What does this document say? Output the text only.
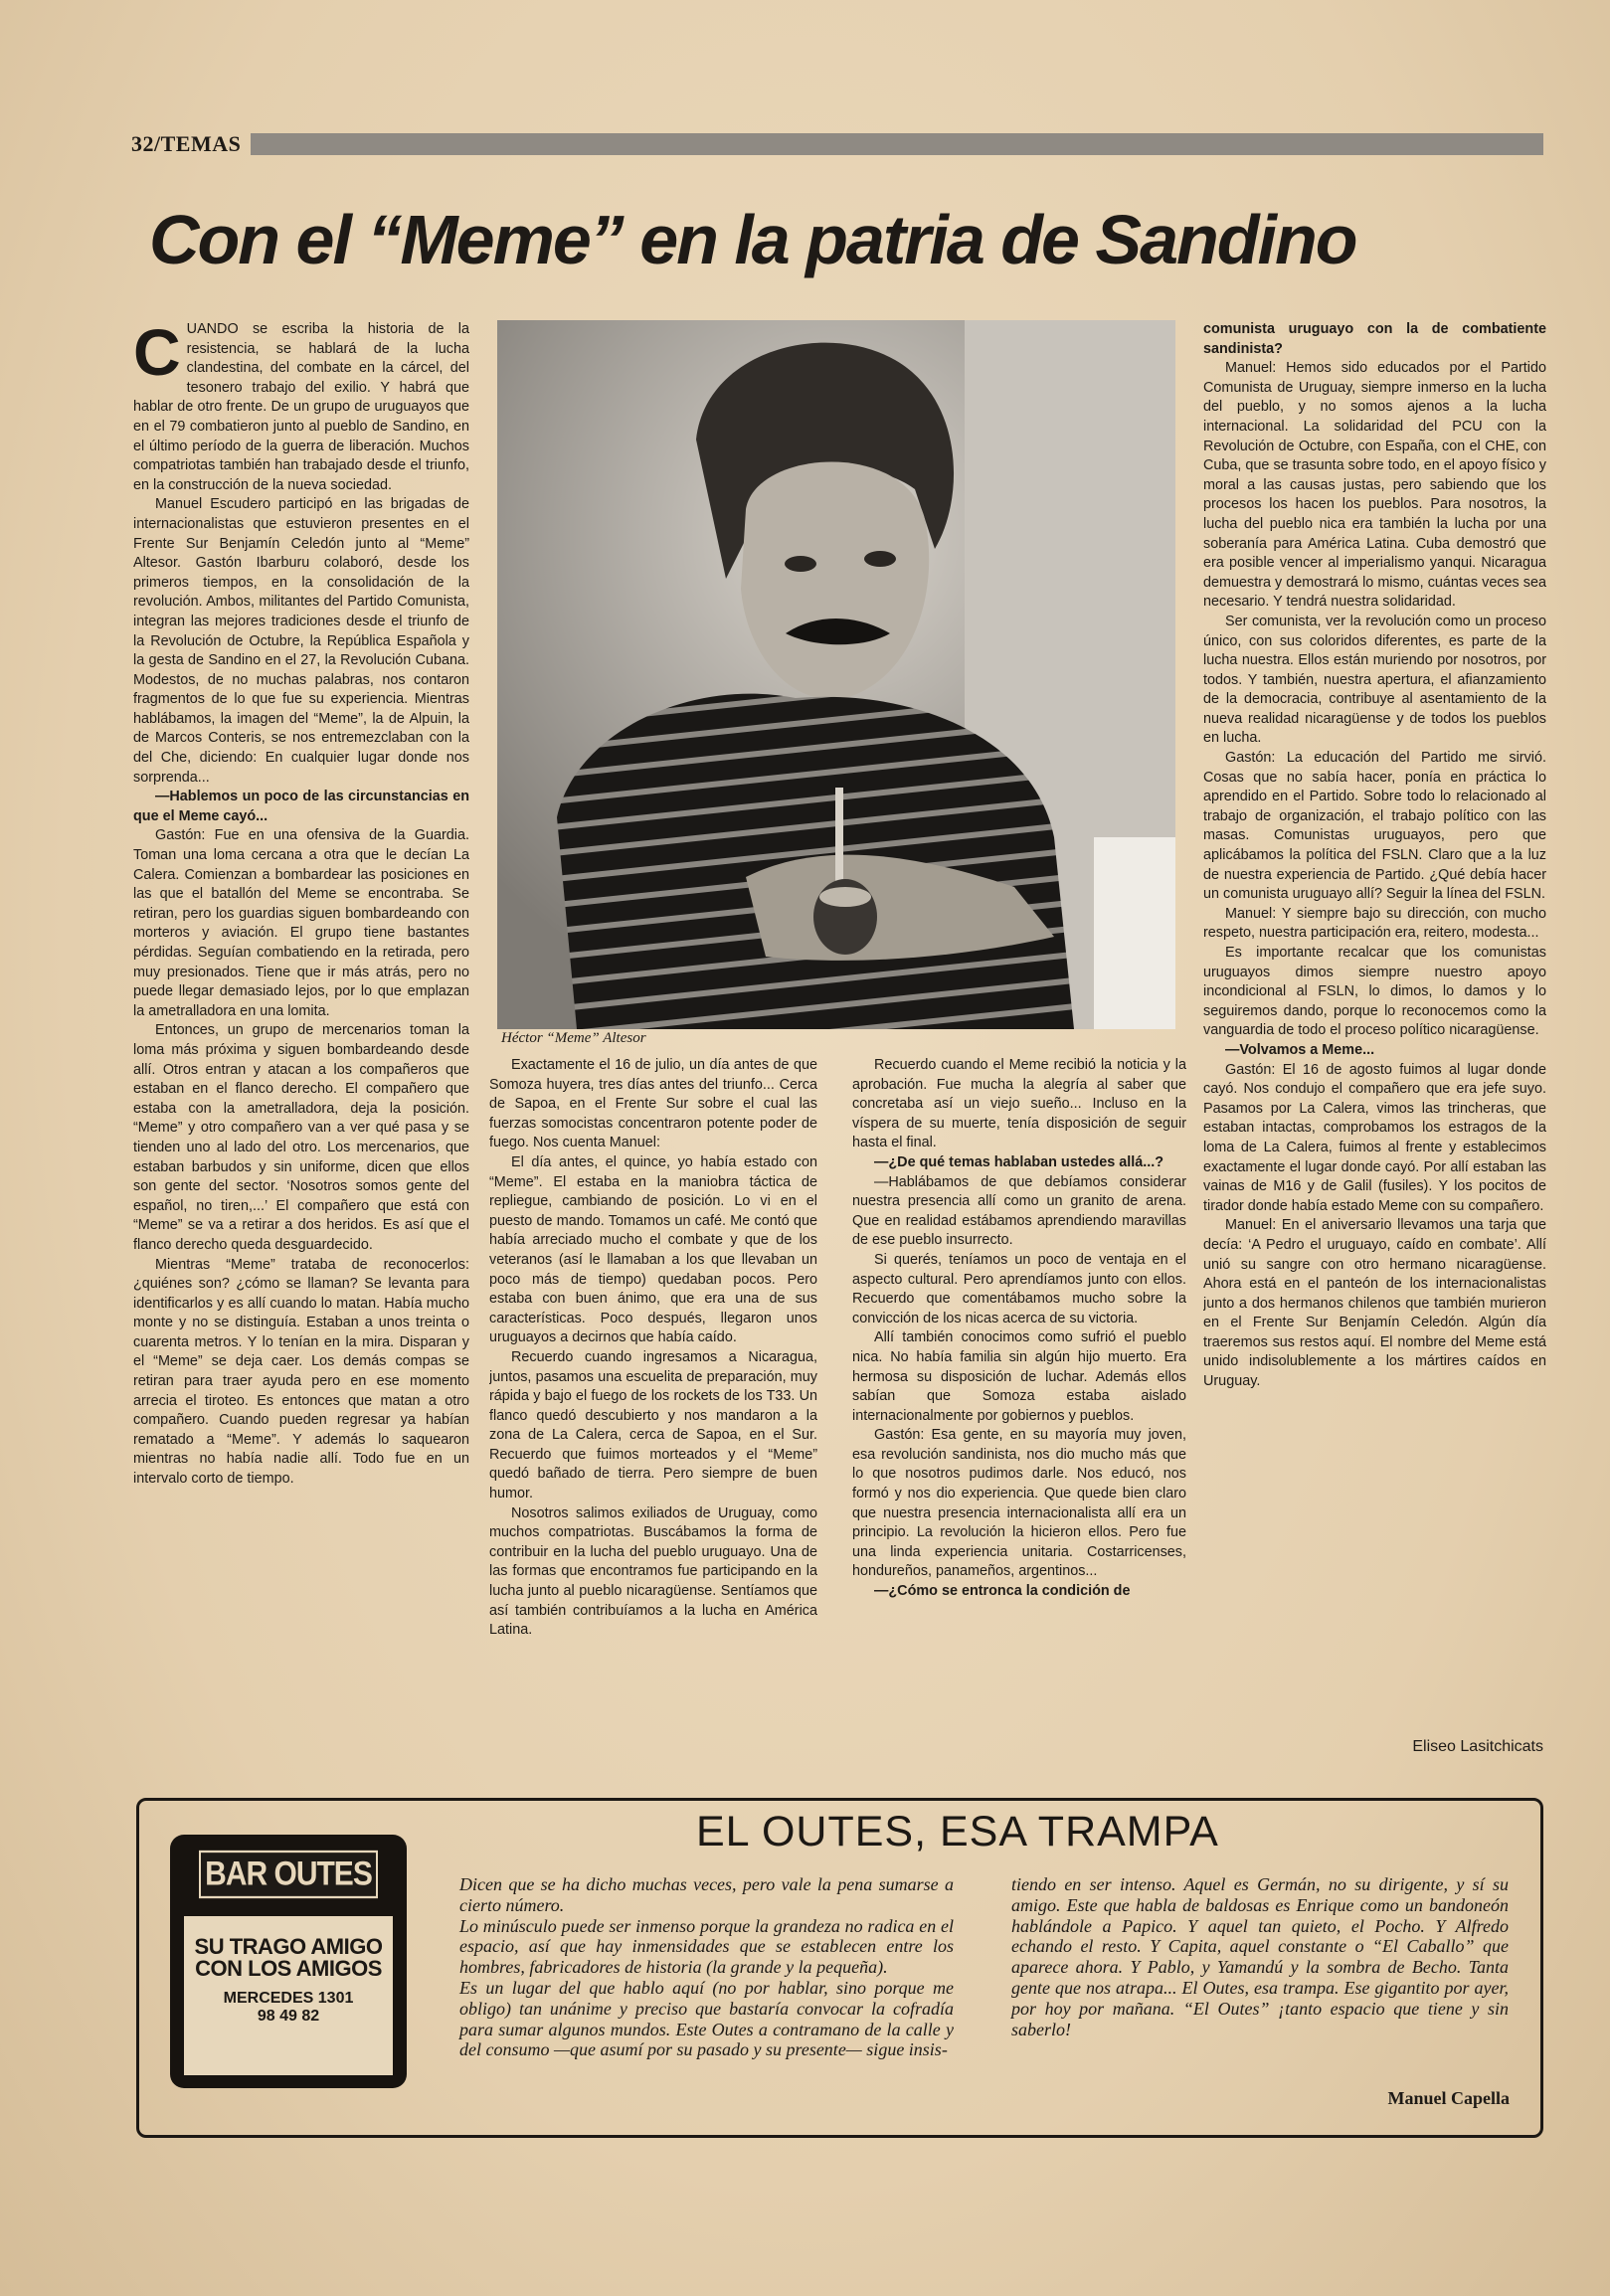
32/TEMAS
Con el “Meme” en la patria de Sandino

CUANDO se escriba la historia de la resistencia, se hablará de la lucha clandestina, del combate en la cárcel, del tesonero trabajo del exilio. Y habrá que hablar de otro frente. De un grupo de uruguayos que en el 79 combatieron junto al pueblo de Sandino, en el último período de la guerra de liberación. Muchos compatriotas también han trabajado desde el triunfo, en la construcción de la nueva sociedad.

Manuel Escudero participó en las brigadas de internacionalistas que estuvieron presentes en el Frente Sur Benjamín Celedón junto al “Meme” Altesor. Gastón Ibarburu colaboró, desde los primeros tiempos, en la consolidación de la revolución. Ambos, militantes del Partido Comunista, integran las mejores tradiciones desde el triunfo de la Revolución de Octubre, la República Española y la gesta de Sandino en el 27, la Revolución Cubana. Modestos, de no muchas palabras, nos contaron fragmentos de lo que fue su experiencia. Mientras hablábamos, la imagen del “Meme”, la de Alpuin, la de Marcos Conteris, se nos entremezclaban con la del Che, diciendo: En cualquier lugar donde nos sorprenda...

—Hablemos un poco de las circunstancias en que el Meme cayó...

Gastón: Fue en una ofensiva de la Guardia. Toman una loma cercana a otra que le decían La Calera. Comienzan a bombardear las posiciones en las que el batallón del Meme se encontraba. Se retiran, pero los guardias siguen bombardeando con morteros y aviación. El grupo tiene bastantes pérdidas. Seguían combatiendo en la retirada, pero muy presionados. Tiene que ir más atrás, pero no puede llegar demasiado lejos, por lo que emplazan la ametralladora en una lomita.

Entonces, un grupo de mercenarios toman la loma más próxima y siguen bombardeando desde allí. Otros entran y atacan a los compañeros que estaban en el flanco derecho. El compañero que estaba con la ametralladora, deja la posición. “Meme” y otro compañero van a ver qué pasa y se tienden uno al lado del otro. Los mercenarios, que estaban barbudos y sin uniforme, dicen que ellos son gente del sector. ‘Nosotros somos gente del español, no tiren,...’ El compañero que está con “Meme” se va a retirar a dos heridos. Es así que el flanco derecho queda desguardecido.

Mientras “Meme” trataba de reconocerlos: ¿quiénes son? ¿cómo se llaman? Se levanta para identificarlos y es allí cuando lo matan. Había mucho monte y no se distinguía. Estaban a unos treinta o cuarenta metros. Y lo tenían en la mira. Disparan y el “Meme” se deja caer. Los demás compas se retiran para traer ayuda pero en ese momento arrecia el tiroteo. Es entonces que matan a otro compañero. Cuando pueden regresar ya habían rematado a “Meme”. Y además lo saquearon mientras no había nadie allí. Todo fue en un intervalo corto de tiempo.

Héctor “Meme” Altesor

Exactamente el 16 de julio, un día antes de que Somoza huyera, tres días antes del triunfo... Cerca de Sapoa, en el Frente Sur sobre el cual las fuerzas somocistas concentraron potente poder de fuego. Nos cuenta Manuel:

El día antes, el quince, yo había estado con “Meme”. El estaba en la maniobra táctica de repliegue, cambiando de posición. Lo vi en el puesto de mando. Tomamos un café. Me contó que había arreciado mucho el combate y que de los veteranos (así le llamaban a los que llevaban un poco más de tiempo) quedaban pocos. Pero estaba con buen ánimo, que era una de sus características. Poco después, llegaron unos uruguayos a decirnos que había caído.

Recuerdo cuando ingresamos a Nicaragua, juntos, pasamos una escuelita de preparación, muy rápida y bajo el fuego de los rockets de los T33. Un flanco quedó descubierto y nos mandaron a la zona de La Calera, cerca de Sapoa, en el Sur. Recuerdo que fuimos morteados y el “Meme” quedó bañado de tierra. Pero siempre de buen humor.

Nosotros salimos exiliados de Uruguay, como muchos compatriotas. Buscábamos la forma de contribuir en la lucha del pueblo uruguayo. Una de las formas que encontramos fue participando en la lucha junto al pueblo nicaragüense. Sentíamos que así también contribuíamos a la lucha en América Latina.

Recuerdo cuando el Meme recibió la noticia y la aprobación. Fue mucha la alegría al saber que concretaba así un viejo sueño... Incluso en la víspera de su muerte, tenía disposición de seguir hasta el final.

—¿De qué temas hablaban ustedes allá...?

—Hablábamos de que debíamos considerar nuestra presencia allí como un granito de arena. Que en realidad estábamos aprendiendo maravillas de ese pueblo insurrecto.

Si querés, teníamos un poco de ventaja en el aspecto cultural. Pero aprendíamos junto con ellos. Recuerdo que comentábamos mucho sobre la convicción de los nicas acerca de su victoria.

Allí también conocimos como sufrió el pueblo nica. No había familia sin algún hijo muerto. Era hermosa su disposición de luchar. Además ellos sabían que Somoza estaba aislado internacionalmente por gobiernos y pueblos.

Gastón: Esa gente, en su mayoría muy joven, esa revolución sandinista, nos dio mucho más que lo que nosotros pudimos darle. Nos educó, nos formó y nos dio experiencia. Que quede bien claro que nuestra presencia internacionalista allí era un principio. La revolución la hicieron ellos. Pero fue una linda experiencia unitaria. Costarricenses, hondureños, panameños, argentinos...

—¿Cómo se entronca la condición de

comunista uruguayo con la de combatiente sandinista?

Manuel: Hemos sido educados por el Partido Comunista de Uruguay, siempre inmerso en la lucha del pueblo, y no somos ajenos a la lucha internacional. La solidaridad del PCU con la Revolución de Octubre, con España, con el CHE, con Cuba, que se trasunta sobre todo, en el apoyo físico y moral a las causas justas, pero sabiendo que los procesos los hacen los pueblos. Para nosotros, la lucha del pueblo nica era también la lucha por una soberanía para América Latina. Cuba demostró que era posible vencer al imperialismo yanqui. Nicaragua demuestra y demostrará lo mismo, cuántas veces sea necesario. Y tendrá nuestra solidaridad.

Ser comunista, ver la revolución como un proceso único, con sus coloridos diferentes, es parte de la lucha nuestra. Ellos están muriendo por nosotros, por todos. Y también, nuestra apertura, el afianzamiento de la democracia, contribuye al asentamiento de la nueva realidad nicaragüense y de todos los pueblos en lucha.

Gastón: La educación del Partido me sirvió. Cosas que no sabía hacer, ponía en práctica lo aprendido en el Partido. Sobre todo lo relacionado al trabajo de organización, el trabajo político con las masas. Comunistas uruguayos, pero que aplicábamos la política del FSLN. Claro que a la luz de nuestra experiencia de Partido. ¿Qué debía hacer un comunista uruguayo allí? Seguir la línea del FSLN.

Manuel: Y siempre bajo su dirección, con mucho respeto, nuestra participación era, reitero, modesta...

Es importante recalcar que los comunistas uruguayos dimos siempre nuestro apoyo incondicional al FSLN, lo dimos, lo damos y lo seguiremos dando, porque lo reconocemos como la vanguardia de todo el proceso político nicaragüense.

—Volvamos a Meme...

Gastón: El 16 de agosto fuimos al lugar donde cayó. Nos condujo el compañero que era jefe suyo. Pasamos por La Calera, vimos las trincheras, que estaban intactas, comprobamos los estragos de la loma de La Calera, fuimos al frente y establecimos exactamente el lugar donde cayó. Por allí estaban las vainas de M16 y de Galil (fusiles). Y los pocitos de tirador donde había estado Meme con su compañero.

Manuel: En el aniversario llevamos una tarja que decía: ‘A Pedro el uruguayo, caído en combate’. Allí unió su sangre con otro hermano nicaragüense. Ahora está en el panteón de los internacionalistas junto a dos hermanos chilenos que también murieron en el Frente Sur Benjamín Celedón. Algún día traeremos sus restos aquí. El nombre del Meme está unido indisolublemente a los mártires caídos en Uruguay.

Eliseo Lasitchicats
EL OUTES, ESA TRAMPA
BAR OUTES
SU TRAGO AMIGO
CON LOS AMIGOS
MERCEDES 1301
98 49 82

Dicen que se ha dicho muchas veces, pero vale la pena sumarse a cierto número.

Lo minúsculo puede ser inmenso porque la grandeza no radica en el espacio, así que hay inmensidades que se establecen entre los hombres, fabricadores de historia (la grande y la pequeña).

Es un lugar del que hablo aquí (no por hablar, sino porque me obligo) tan unánime y preciso que bastaría convocar la cofradía para sumar algunos mundos. Este Outes a contramano de la calle y del consumo —que asumí por su pasado y su presente— sigue insis-

tiendo en ser intenso. Aquel es Germán, no su dirigente, y sí su amigo. Este que habla de baldosas es Enrique como un bandoneón hablándole a Papico. Y aquel tan quieto, el Pocho. Y Alfredo echando el resto. Y Capita, aquel constante o “El Caballo” que aparece ahora. Y Pablo, y Yamandú y la sombra de Becho. Tanta gente que nos atrapa... El Outes, esa trampa. Ese gigantito por ayer, por hoy por mañana. “El Outes” ¡tanto espacio que tiene y sin saberlo!

Manuel Capella
